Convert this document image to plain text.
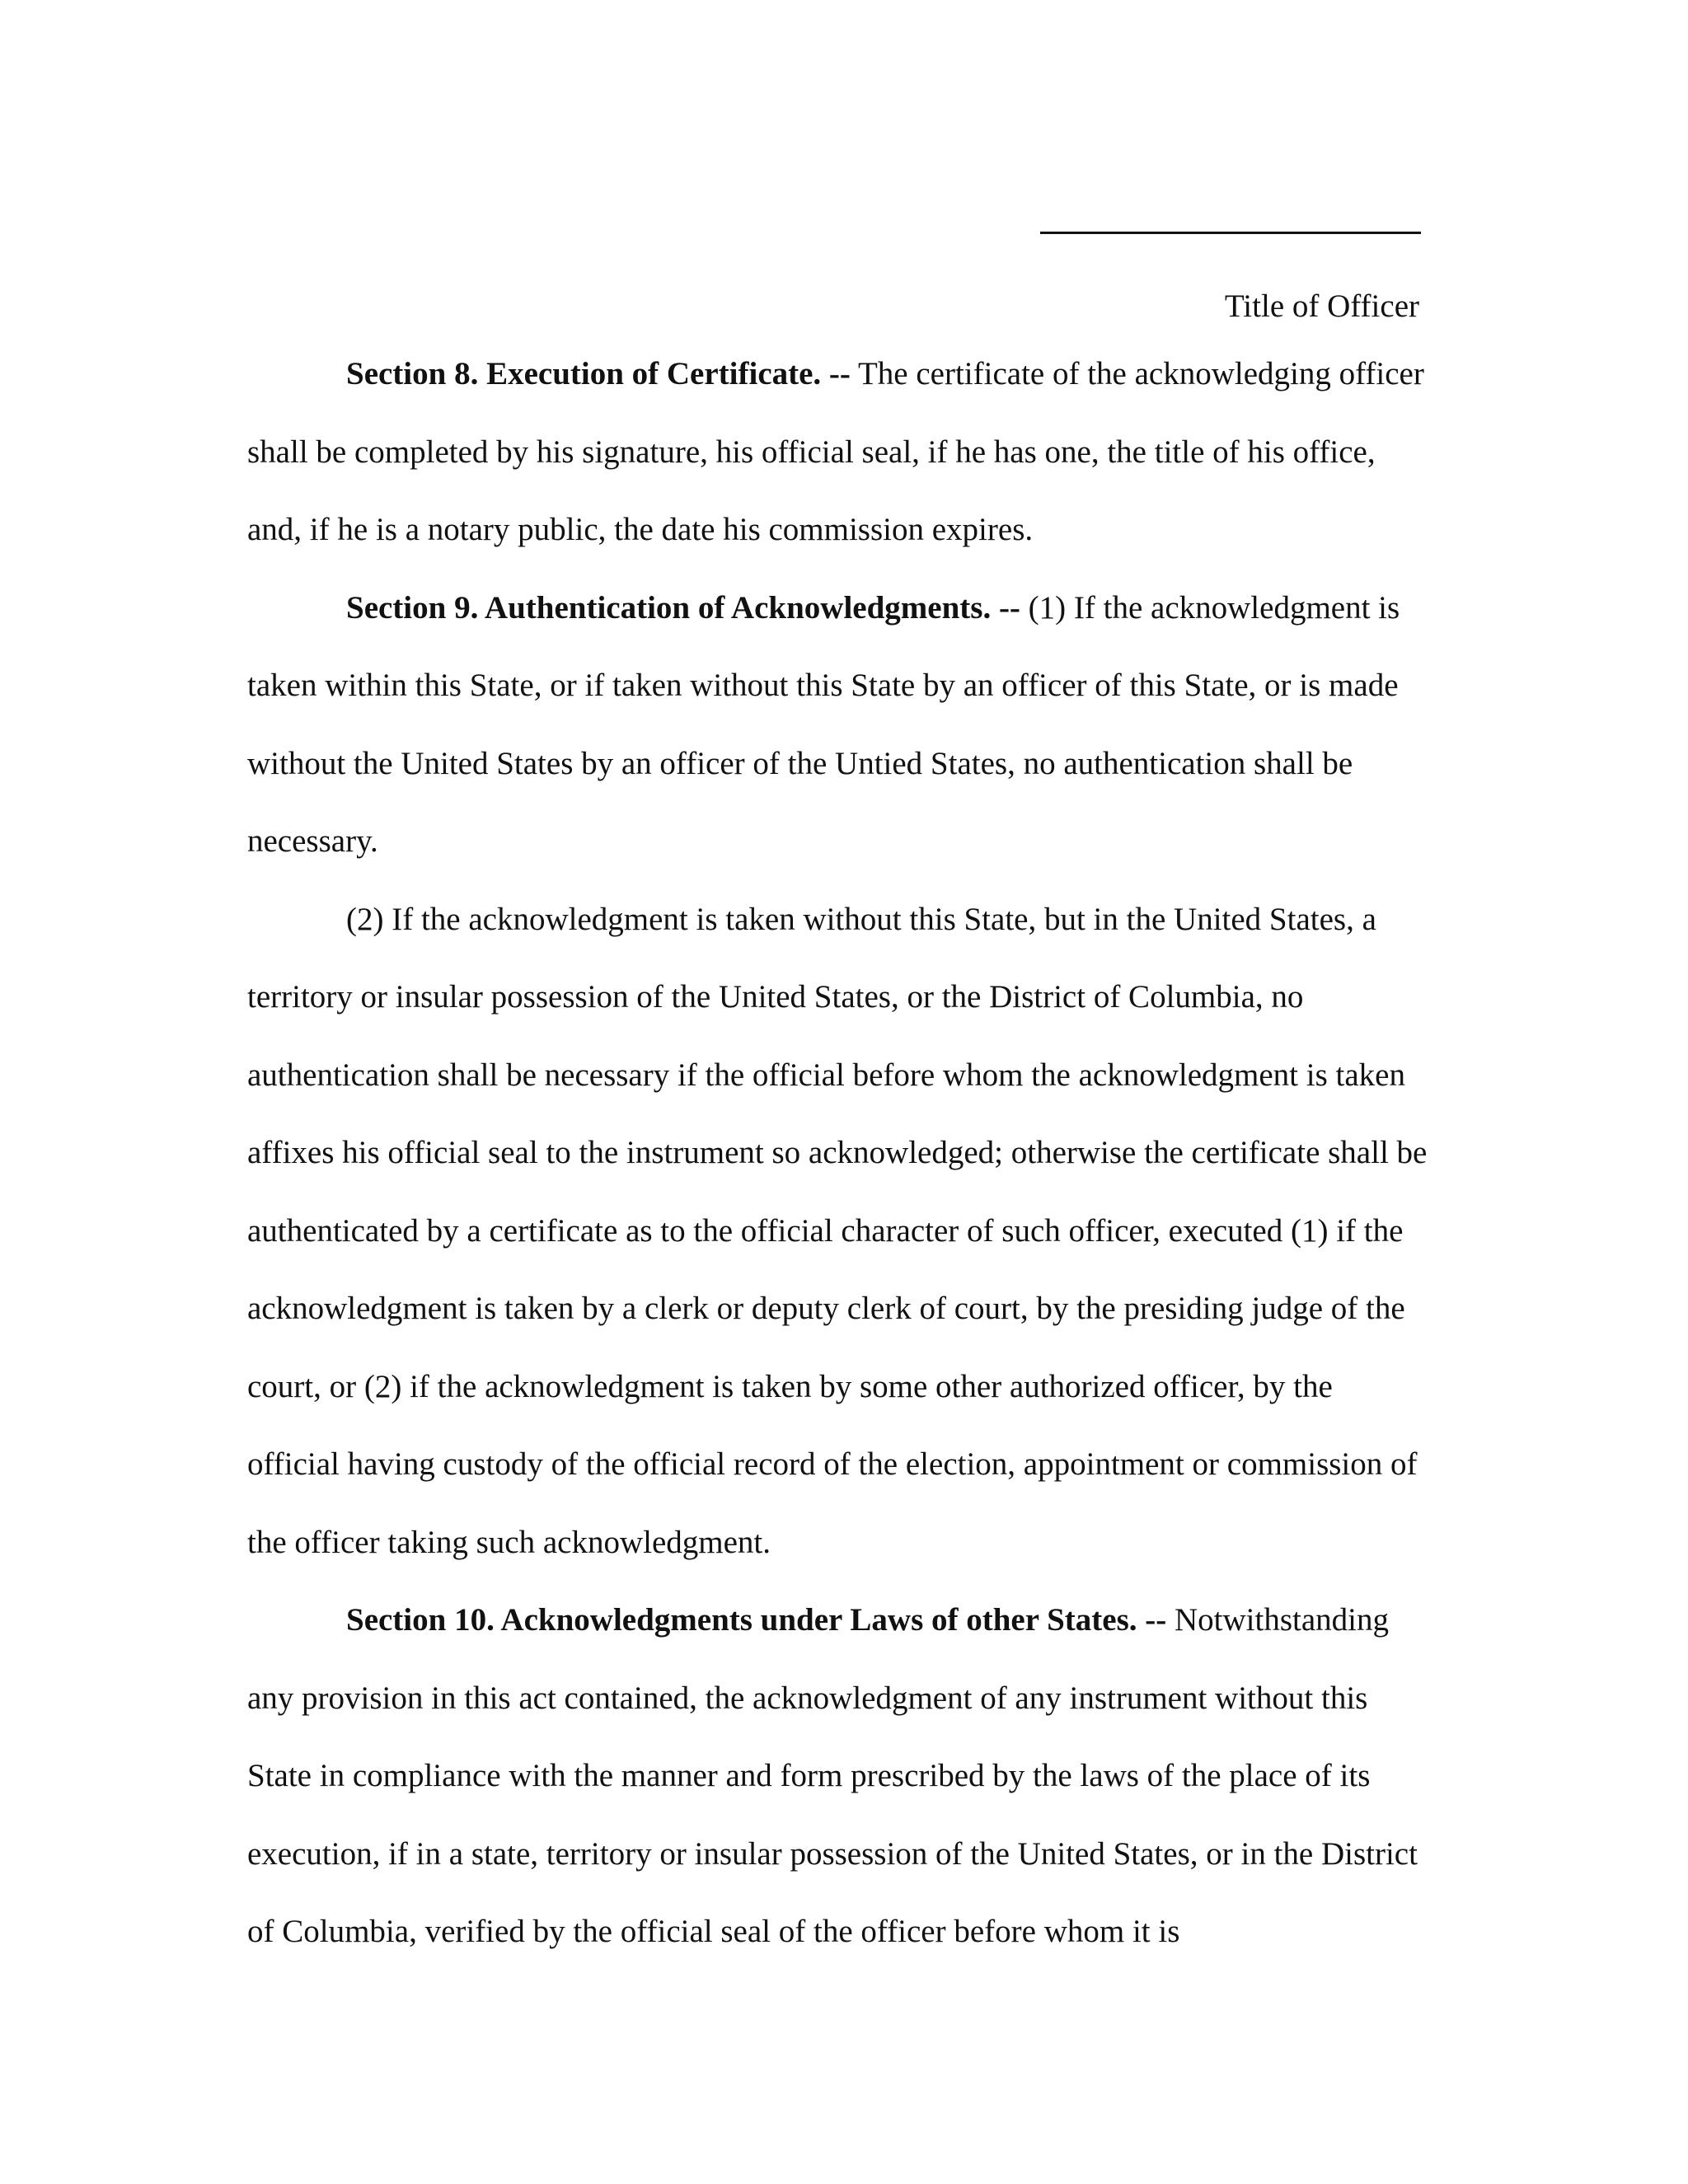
Title of Officer

Section 8. Execution of Certificate. -- The certificate of the acknowledging officer shall be completed by his signature, his official seal, if he has one, the title of his office, and, if he is a notary public, the date his commission expires.

Section 9. Authentication of Acknowledgments. -- (1) If the acknowledgment is taken within this State, or if taken without this State by an officer of this State, or is made without the United States by an officer of the Untied States, no authentication shall be necessary.

(2) If the acknowledgment is taken without this State, but in the United States, a territory or insular possession of the United States, or the District of Columbia, no authentication shall be necessary if the official before whom the acknowledgment is taken affixes his official seal to the instrument so acknowledged; otherwise the certificate shall be authenticated by a certificate as to the official character of such officer, executed (1) if the acknowledgment is taken by a clerk or deputy clerk of court, by the presiding judge of the court, or (2) if the acknowledgment is taken by some other authorized officer, by the official having custody of the official record of the election, appointment or commission of the officer taking such acknowledgment.

Section 10. Acknowledgments under Laws of other States. -- Notwithstanding any provision in this act contained, the acknowledgment of any instrument without this State in compliance with the manner and form prescribed by the laws of the place of its execution, if in a state, territory or insular possession of the United States, or in the District of Columbia, verified by the official seal of the officer before whom it is
